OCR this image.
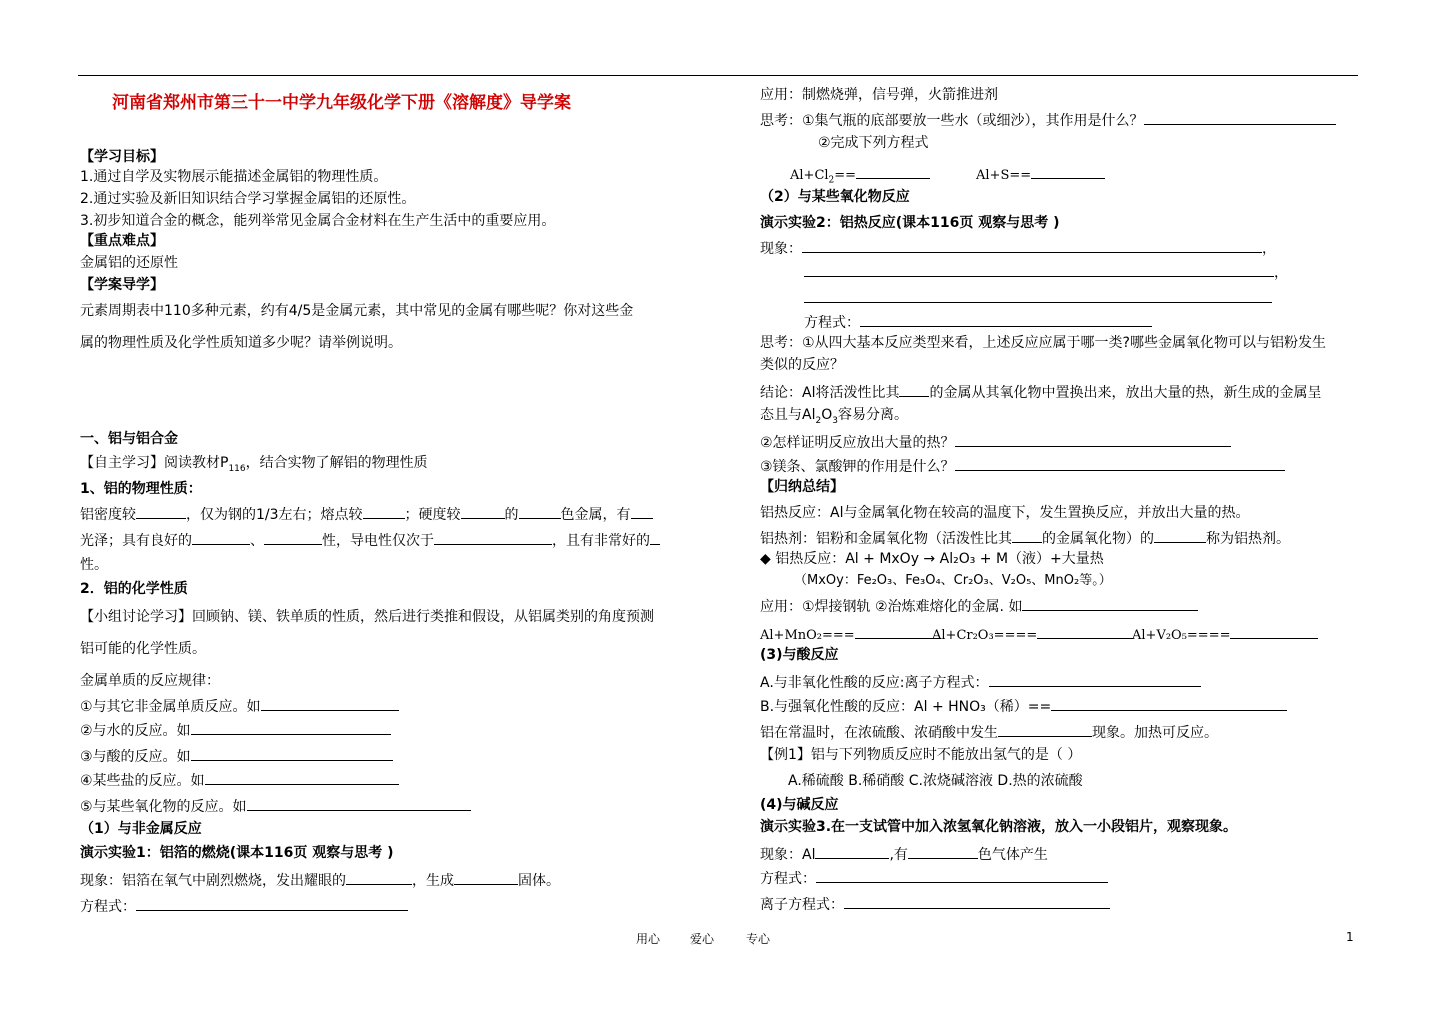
河南省郑州市第三十一中学九年级化学下册《溶解度》导学案
【学习目标】
1.通过自学及实物展示能描述金属铝的物理性质。
2.通过实验及新旧知识结合学习掌握金属铝的还原性。
3.初步知道合金的概念，能列举常见金属合金材料在生产生活中的重要应用。
【重点难点】
金属铝的还原性
【学案导学】
元素周期表中110多种元素，约有4/5是金属元素，其中常见的金属有哪些呢？你对这些金
属的物理性质及化学性质知道多少呢？请举例说明。
一、铝与铝合金
【自主学习】阅读教材$P_{116}$，结合实物了解铝的物理性质
1、铝的物理性质：
铝密度较	，仅为钢的1/3左右；熔点较	；硬度较	的	色金属，有
光泽；具有良好的	、	性，导电性仅次于	，且有非常好的
性。
2．铝的化学性质
【小组讨论学习】回顾钠、镁、铁单质的性质，然后进行类推和假设，从铝属类别的角度预测
铝可能的化学性质。
金属单质的反应规律：
①与其它非金属单质反应。如
②与水的反应。如
③与酸的反应。如
④某些盐的反应。如
⑤与某些氧化物的反应。如
（1）与非金属反应
演示实验1：铝箔的燃烧(课本116页 观察与思考 )
现象：铝箔在氧气中剧烈燃烧，发出耀眼的	，生成	固体。
方程式：
应用：制燃烧弹，信号弹，火箭推进剂
思考：①集气瓶的底部要放一些水（或细沙），其作用是什么？
②完成下列方程式
$Al+Cl_2==$	Al+S==
（2）与某些氧化物反应
演示实验2：铝热反应(课本116页 观察与思考 )
现象：	，
，
方程式：
思考：①从四大基本反应类型来看，上述反应应属于哪一类?哪些金属氧化物可以与铝粉发生
类似的反应？
结论：Al将活泼性比其 的金属从其氧化物中置换出来，放出大量的热，新生成的金属呈
态且与$Al_2O_3$容易分离。
②怎样证明反应放出大量的热？
③镁条、氯酸钾的作用是什么？
【归纳总结】
铝热反应：Al与金属氧化物在较高的温度下，发生置换反应，并放出大量的热。
铝热剂：铝粉和金属氧化物（活泼性比其 的金属氧化物）的	称为铝热剂。
◆ 铝热反应：Al + MxOy → Al₂O₃ + M（液）+大量热
（MxOy：Fe₂O₃、Fe₃O₄、Cr₂O₃、V₂O₅、MnO₂等。）
应用：①焊接钢轨 ②治炼难熔化的金属. 如
Al+MnO₂===	Al+Cr₂O₃====	Al+V₂O₅====
(3)与酸反应
A.与非氧化性酸的反应:离子方程式：
B.与强氧化性酸的反应：Al + HNO₃（稀）==
铝在常温时，在浓硫酸、浓硝酸中发生	现象。加热可反应。
【例1】铝与下列物质反应时不能放出氢气的是（ ）
A.稀硫酸 B.稀硝酸 C.浓烧碱溶液 D.热的浓硫酸
(4)与碱反应
演示实验3.在一支试管中加入浓氢氧化钠溶液，放入一小段铝片，观察现象。
现象：Al	,有	色气体产生
方程式：
离子方程式：
用心 爱心	专心	1
